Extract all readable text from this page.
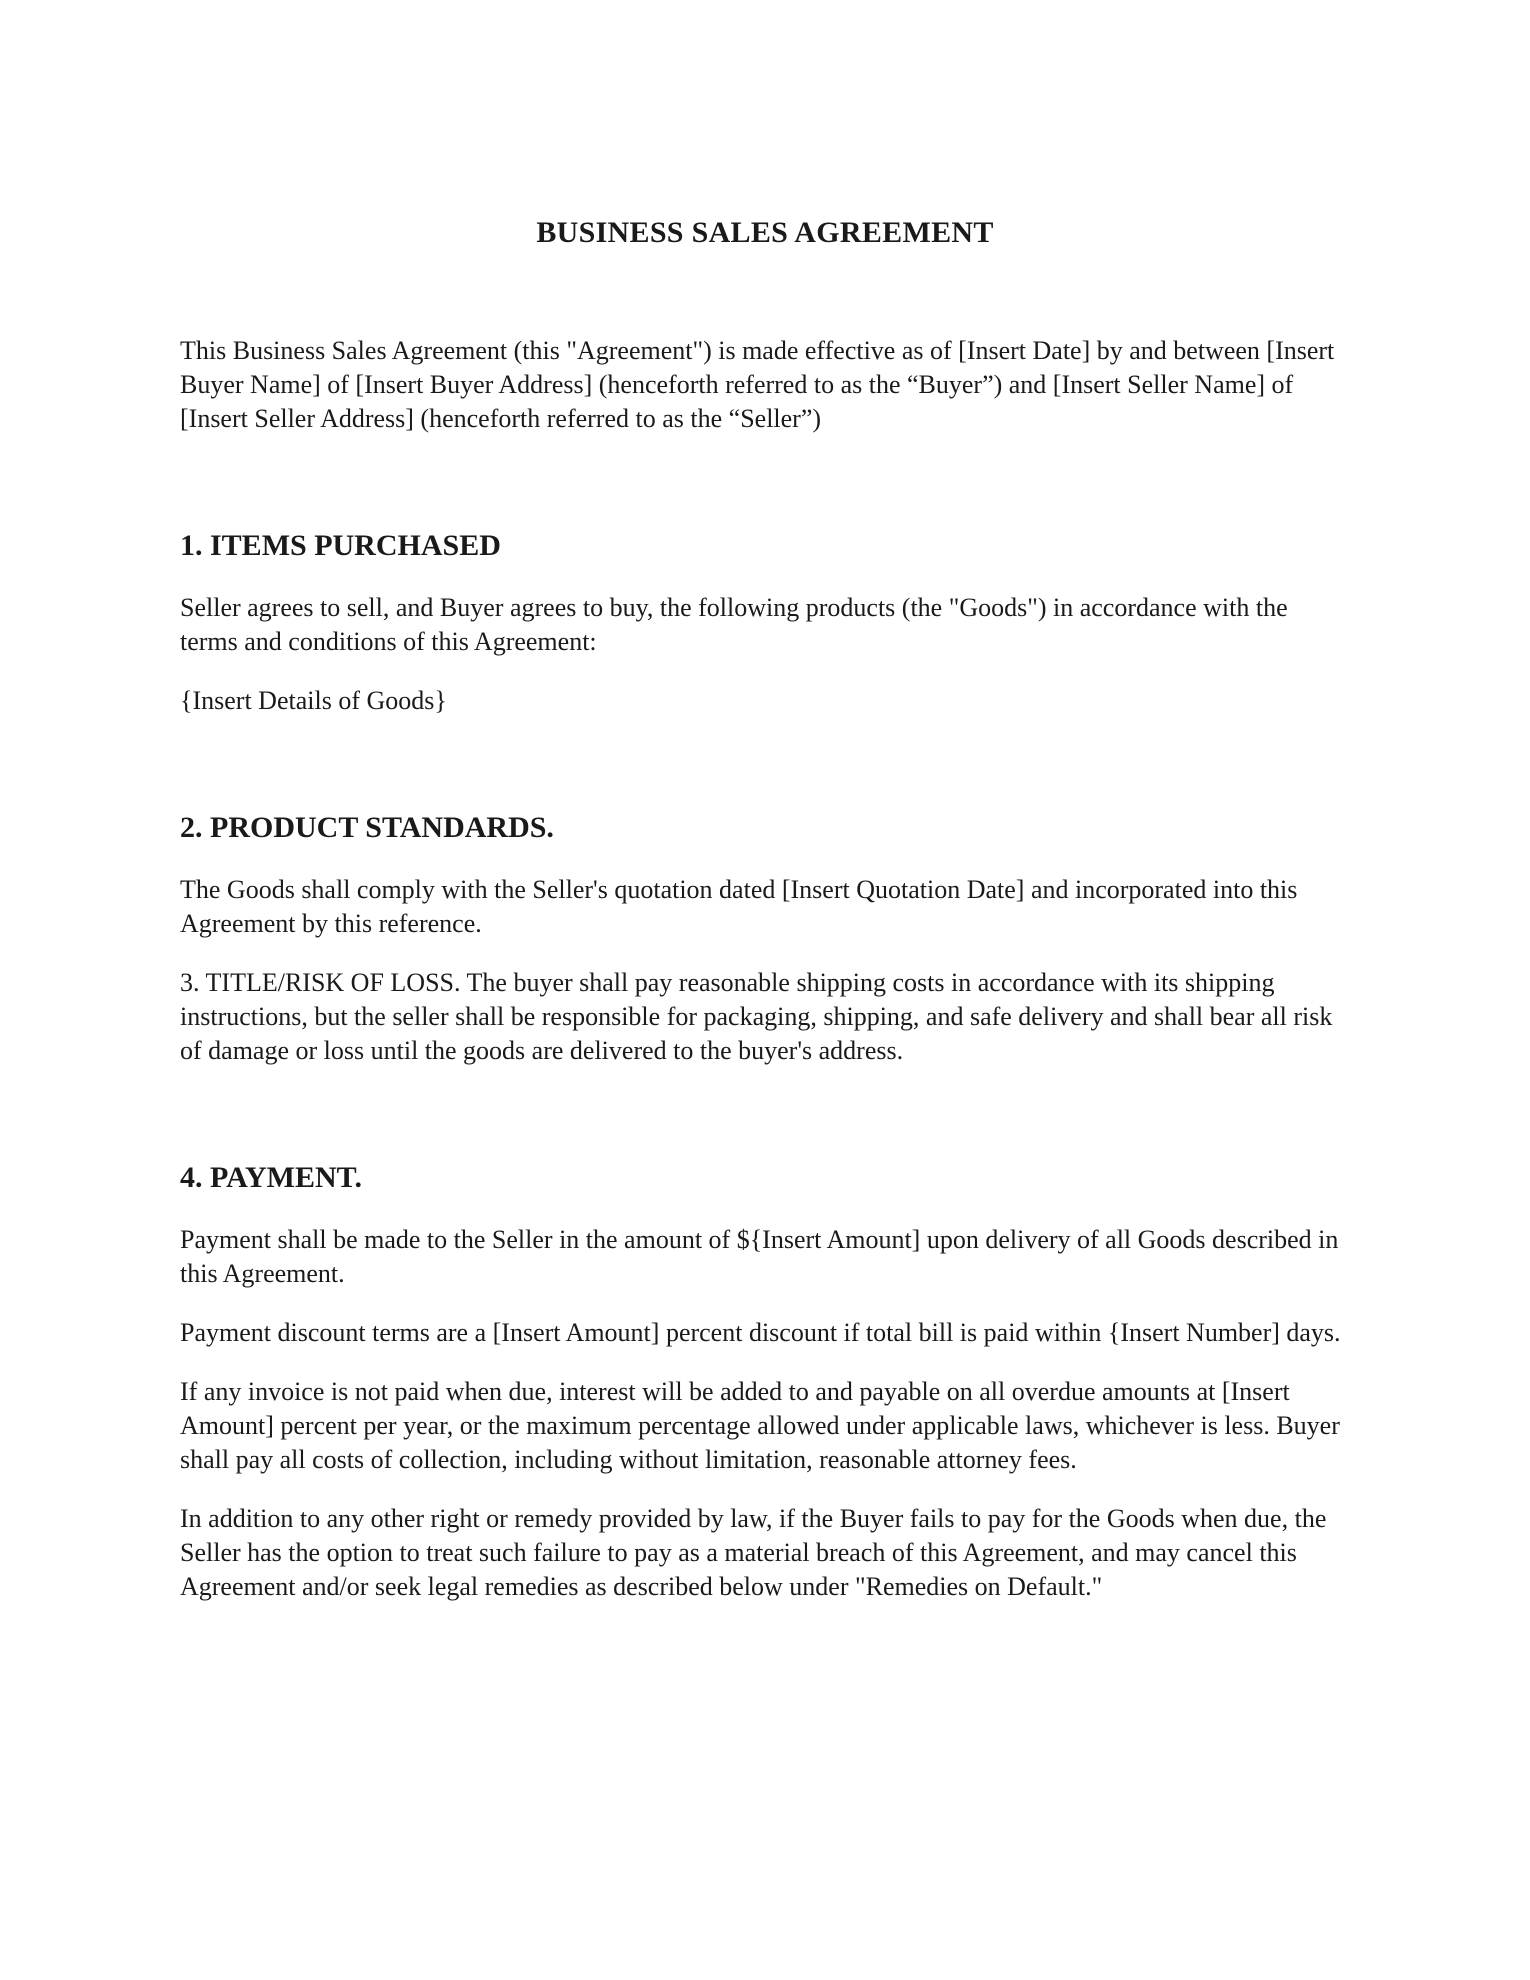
BUSINESS SALES AGREEMENT

This Business Sales Agreement (this "Agreement") is made effective as of [Insert Date] by and between [Insert Buyer Name] of [Insert Buyer Address] (henceforth referred to as the “Buyer”) and [Insert Seller Name] of [Insert Seller Address] (henceforth referred to as the “Seller”)

1. ITEMS PURCHASED

Seller agrees to sell, and Buyer agrees to buy, the following products (the "Goods") in accordance with the terms and conditions of this Agreement:

{Insert Details of Goods}

2. PRODUCT STANDARDS.

The Goods shall comply with the Seller's quotation dated [Insert Quotation Date] and incorporated into this Agreement by this reference.

3. TITLE/RISK OF LOSS. The buyer shall pay reasonable shipping costs in accordance with its shipping instructions, but the seller shall be responsible for packaging, shipping, and safe delivery and shall bear all risk of damage or loss until the goods are delivered to the buyer's address.

4. PAYMENT.

Payment shall be made to the Seller in the amount of ${Insert Amount] upon delivery of all Goods described in this Agreement.

Payment discount terms are a [Insert Amount] percent discount if total bill is paid within {Insert Number] days.

If any invoice is not paid when due, interest will be added to and payable on all overdue amounts at [Insert Amount] percent per year, or the maximum percentage allowed under applicable laws, whichever is less. Buyer shall pay all costs of collection, including without limitation, reasonable attorney fees.

In addition to any other right or remedy provided by law, if the Buyer fails to pay for the Goods when due, the Seller has the option to treat such failure to pay as a material breach of this Agreement, and may cancel this Agreement and/or seek legal remedies as described below under "Remedies on Default."
